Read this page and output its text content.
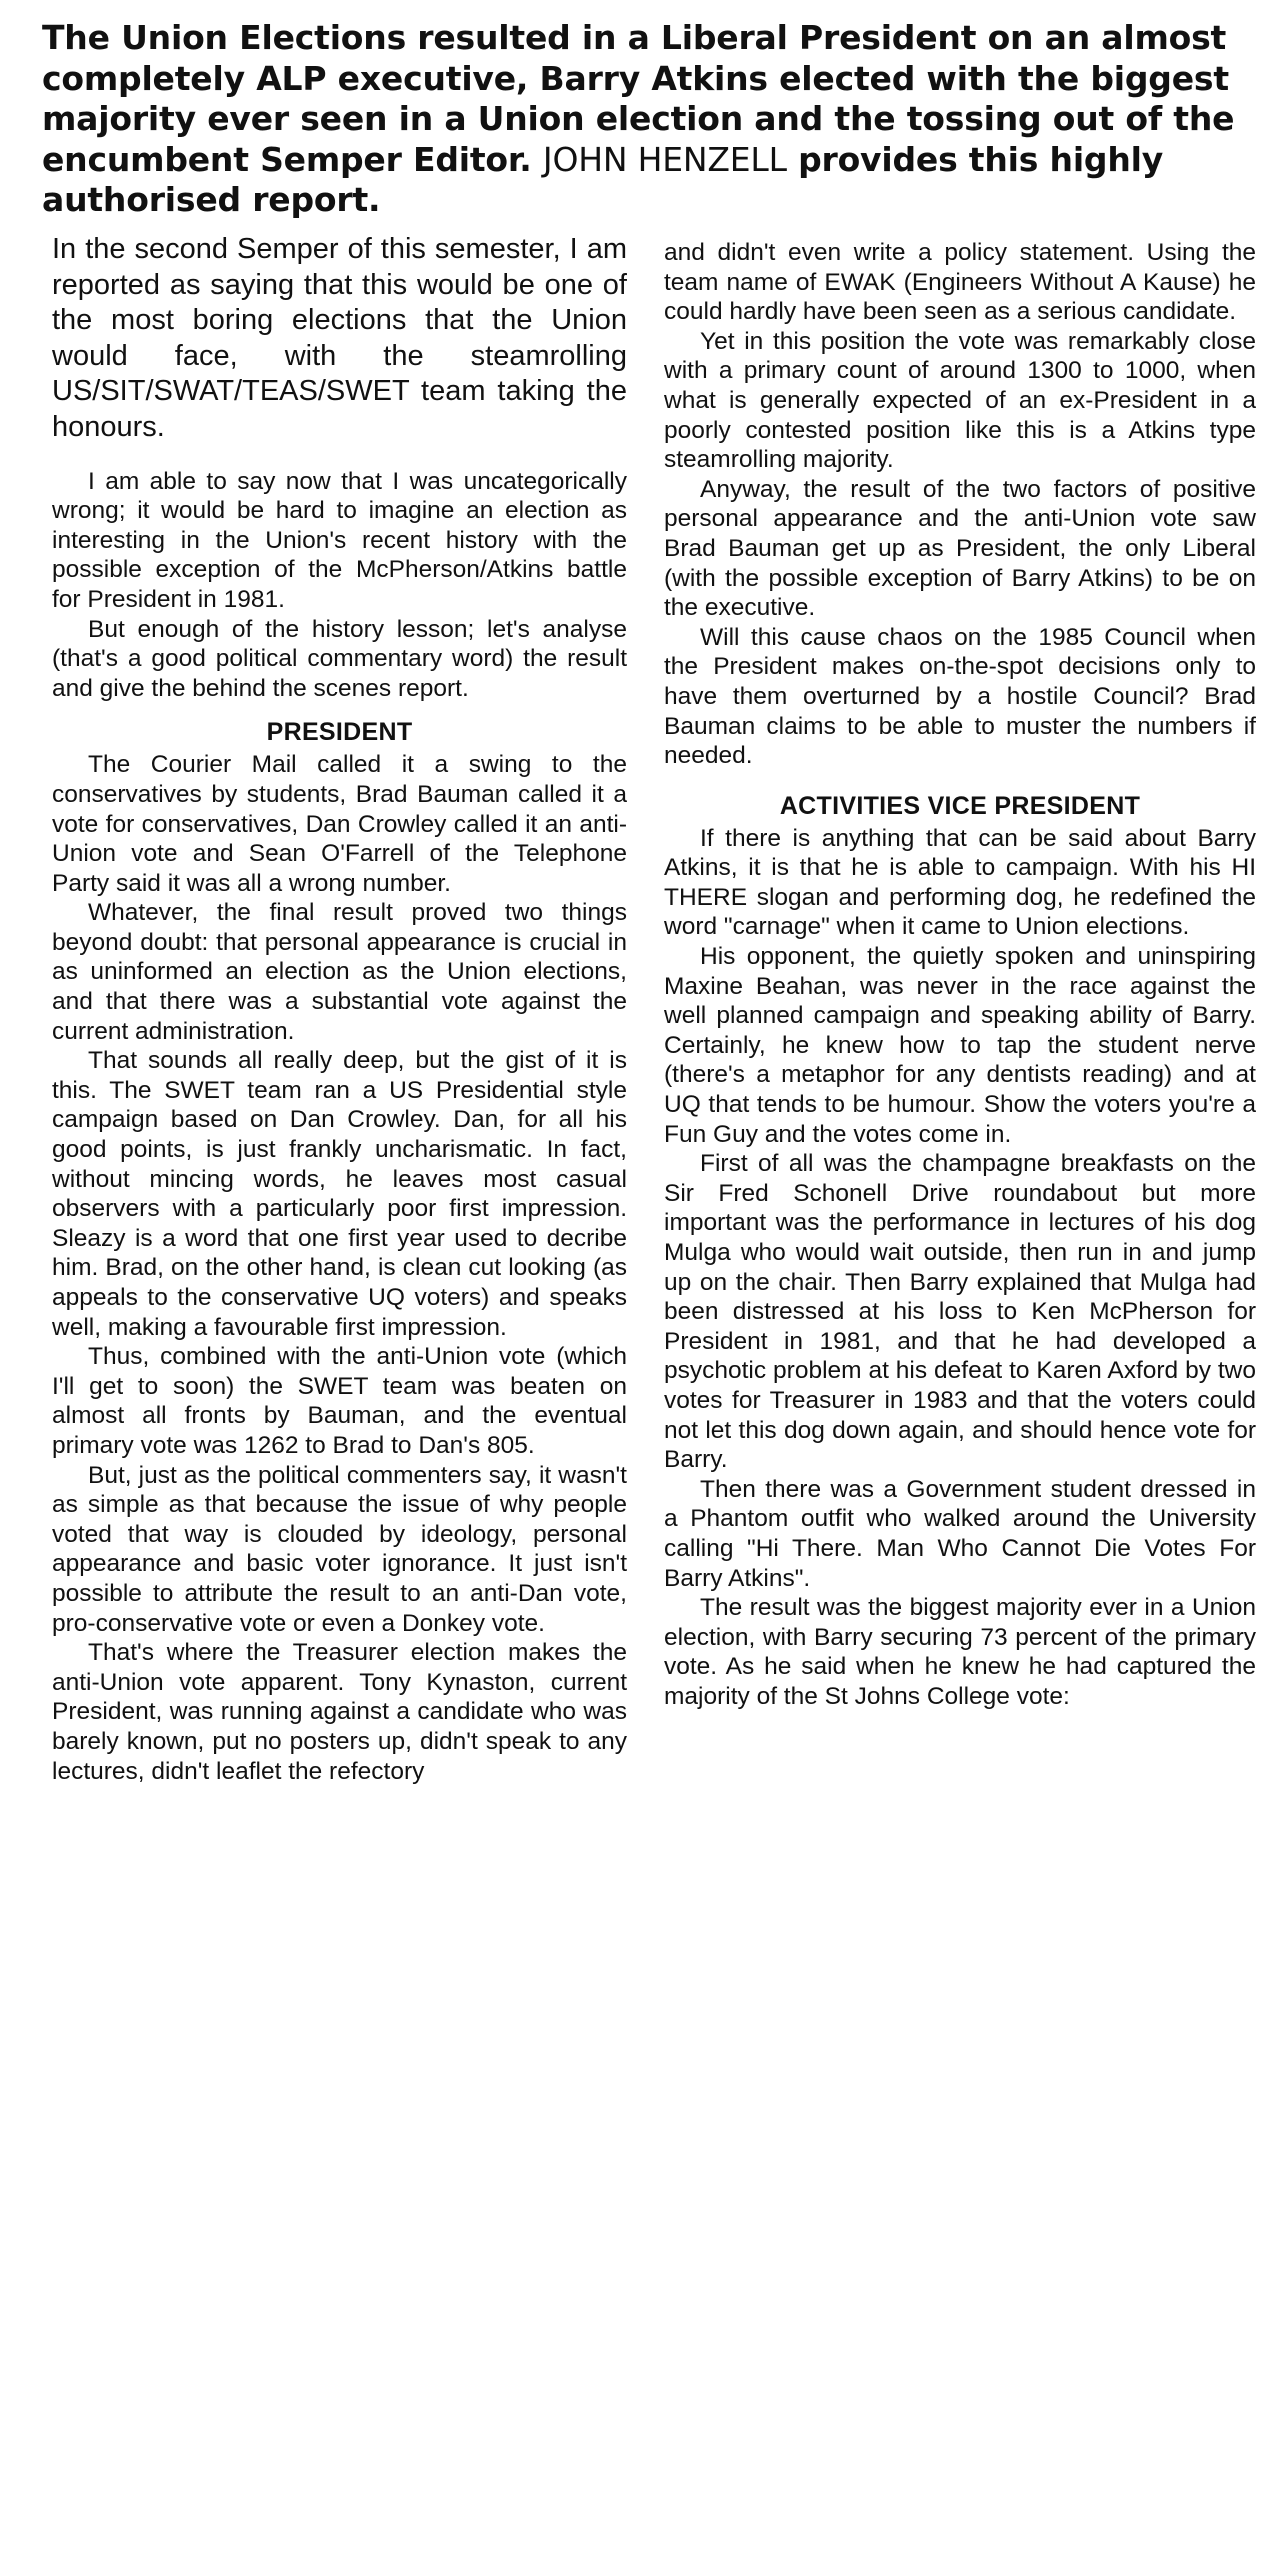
The Union Elections resulted in a Liberal President on an almost completely ALP executive, Barry Atkins elected with the biggest majority ever seen in a Union election and the tossing out of the encumbent Semper Editor. JOHN HENZELL provides this highly authorised report.

In the second Semper of this semester, I am reported as saying that this would be one of the most boring elections that the Union would face, with the steamrolling US/SIT/SWAT/TEAS/SWET team taking the honours.

I am able to say now that I was uncategorically wrong; it would be hard to imagine an election as interesting in the Union's recent history with the possible exception of the McPherson/Atkins battle for President in 1981.

But enough of the history lesson; let's analyse (that's a good political commentary word) the result and give the behind the scenes report.

PRESIDENT

The Courier Mail called it a swing to the conservatives by students, Brad Bauman called it a vote for conservatives, Dan Crowley called it an anti-Union vote and Sean O'Farrell of the Telephone Party said it was all a wrong number.

Whatever, the final result proved two things beyond doubt: that personal appearance is crucial in as uninformed an election as the Union elections, and that there was a substantial vote against the current administration.

That sounds all really deep, but the gist of it is this. The SWET team ran a US Presidential style campaign based on Dan Crowley. Dan, for all his good points, is just frankly uncharismatic. In fact, without mincing words, he leaves most casual observers with a particularly poor first impression. Sleazy is a word that one first year used to decribe him. Brad, on the other hand, is clean cut looking (as appeals to the conservative UQ voters) and speaks well, making a favourable first impression.

Thus, combined with the anti-Union vote (which I'll get to soon) the SWET team was beaten on almost all fronts by Bauman, and the eventual primary vote was 1262 to Brad to Dan's 805.

But, just as the political commenters say, it wasn't as simple as that because the issue of why people voted that way is clouded by ideology, personal appearance and basic voter ignorance. It just isn't possible to attribute the result to an anti-Dan vote, pro-conservative vote or even a Donkey vote.

That's where the Treasurer election makes the anti-Union vote apparent. Tony Kynaston, current President, was running against a candidate who was barely known, put no posters up, didn't speak to any lectures, didn't leaflet the refectory

and didn't even write a policy statement. Using the team name of EWAK (Engineers Without A Kause) he could hardly have been seen as a serious candidate.

Yet in this position the vote was remarkably close with a primary count of around 1300 to 1000, when what is generally expected of an ex-President in a poorly contested position like this is a Atkins type steamrolling majority.

Anyway, the result of the two factors of positive personal appearance and the anti-Union vote saw Brad Bauman get up as President, the only Liberal (with the possible exception of Barry Atkins) to be on the executive.

Will this cause chaos on the 1985 Council when the President makes on-the-spot decisions only to have them overturned by a hostile Council? Brad Bauman claims to be able to muster the numbers if needed.

ACTIVITIES VICE PRESIDENT

If there is anything that can be said about Barry Atkins, it is that he is able to campaign. With his HI THERE slogan and performing dog, he redefined the word "carnage" when it came to Union elections.

His opponent, the quietly spoken and uninspiring Maxine Beahan, was never in the race against the well planned campaign and speaking ability of Barry. Certainly, he knew how to tap the student nerve (there's a metaphor for any dentists reading) and at UQ that tends to be humour. Show the voters you're a Fun Guy and the votes come in.

First of all was the champagne breakfasts on the Sir Fred Schonell Drive roundabout but more important was the performance in lectures of his dog Mulga who would wait outside, then run in and jump up on the chair. Then Barry explained that Mulga had been distressed at his loss to Ken McPherson for President in 1981, and that he had developed a psychotic problem at his defeat to Karen Axford by two votes for Treasurer in 1983 and that the voters could not let this dog down again, and should hence vote for Barry.

Then there was a Government student dressed in a Phantom outfit who walked around the University calling "Hi There. Man Who Cannot Die Votes For Barry Atkins".

The result was the biggest majority ever in a Union election, with Barry securing 73 percent of the primary vote. As he said when he knew he had captured the majority of the St Johns College vote:
